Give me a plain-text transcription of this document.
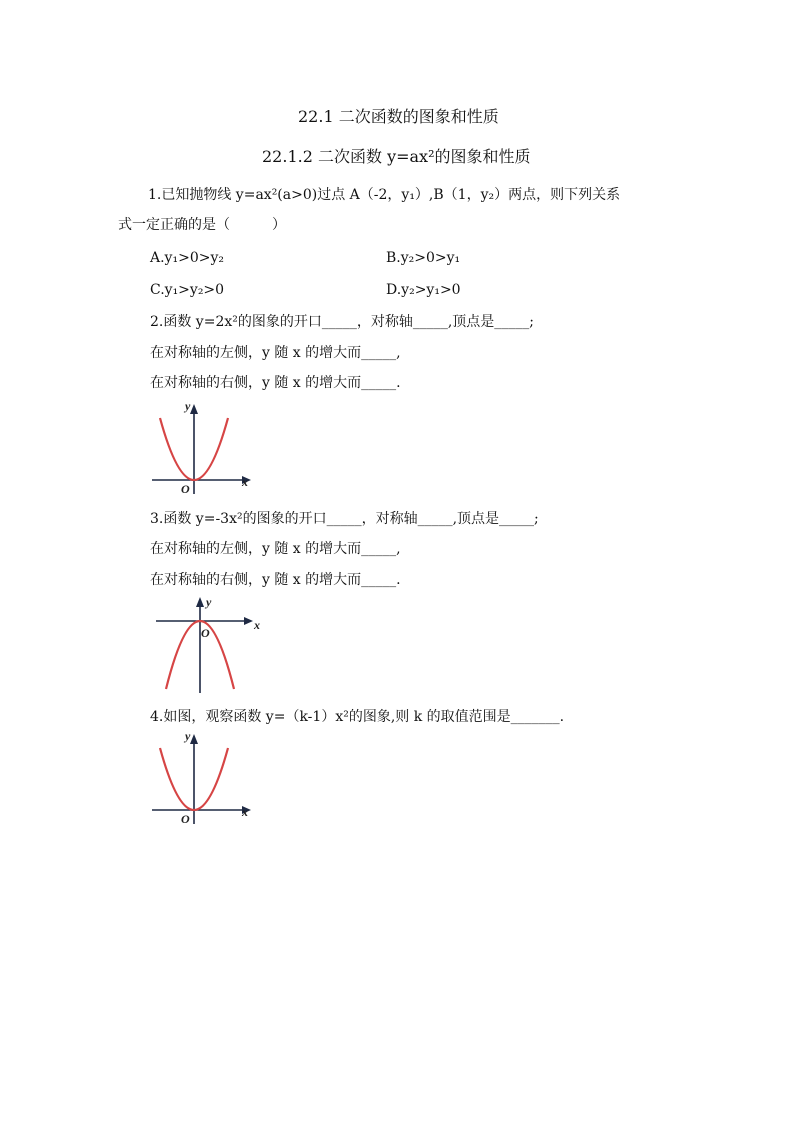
22.1 二次函数的图象和性质
22.1.2 二次函数 y=ax²的图象和性质
1.已知抛物线 y=ax²(a>0)过点 A（-2，y₁）,B（1，y₂）两点，则下列关系
式一定正确的是（　　　）
A.y₁>0>y₂	B.y₂>0>y₁
C.y₁>y₂>0	D.y₂>y₁>0
2.函数 y=2x²的图象的开口_____，对称轴_____,顶点是_____;
在对称轴的左侧，y 随 x 的增大而_____,
在对称轴的右侧，y 随 x 的增大而_____.
x
y
O
3.函数 y=-3x²的图象的开口_____，对称轴_____,顶点是_____;
在对称轴的左侧，y 随 x 的增大而_____,
在对称轴的右侧，y 随 x 的增大而_____.
x
y
O
4.如图，观察函数 y=（k-1）x²的图象,则 k 的取值范围是_______.
x
y
O
